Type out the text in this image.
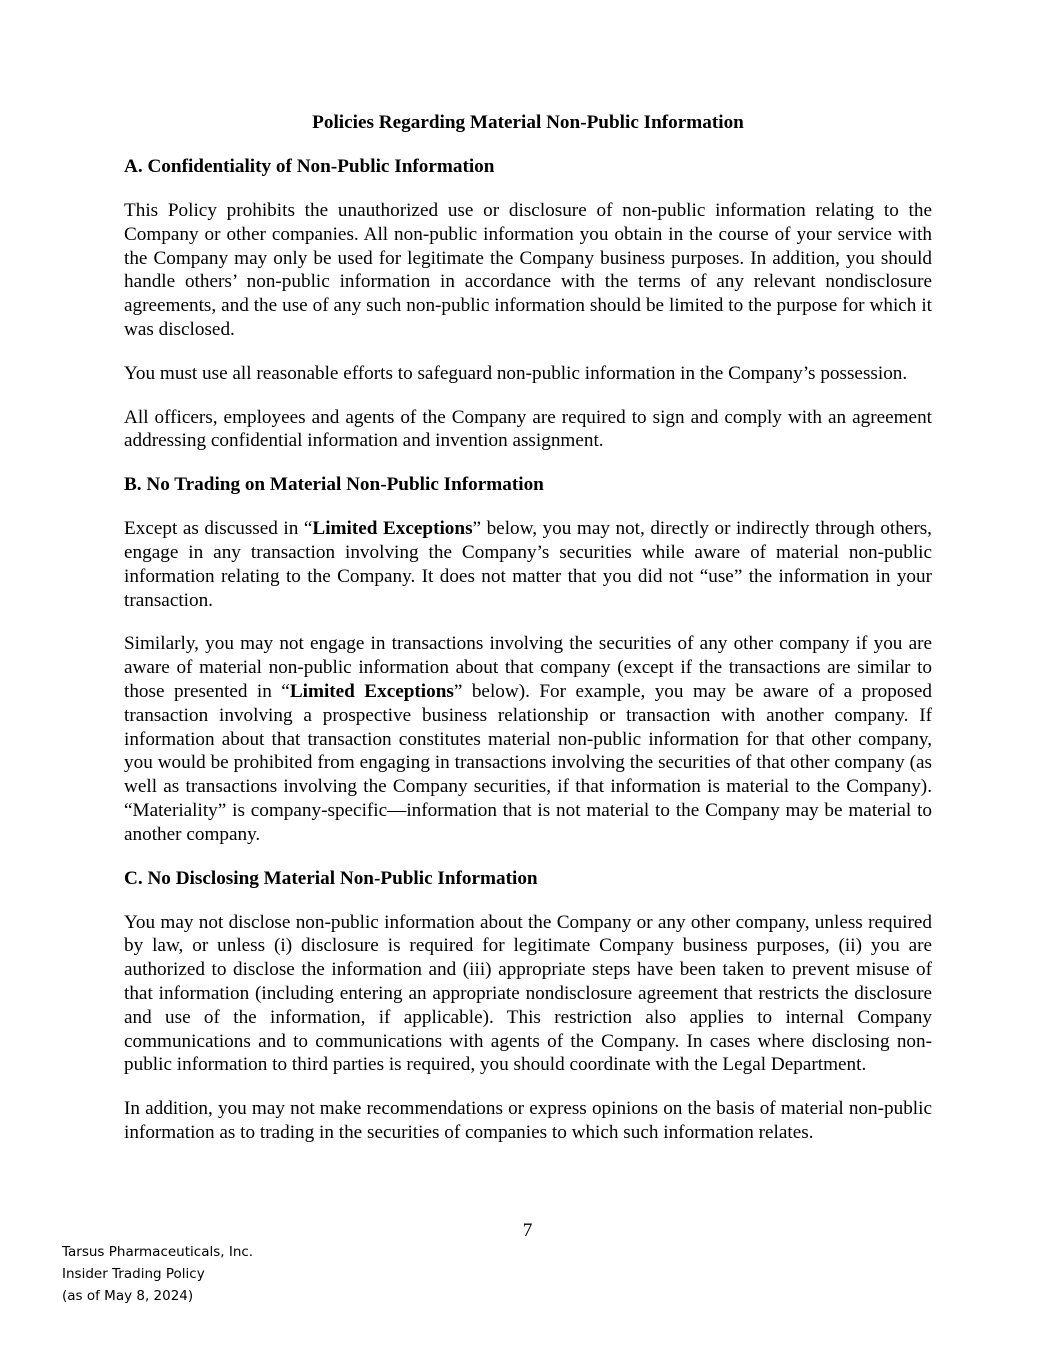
Policies Regarding Material Non-Public Information
A. Confidentiality of Non-Public Information

This Policy prohibits the unauthorized use or disclosure of non-public information relating to the Company or other companies. All non-public information you obtain in the course of your service with the Company may only be used for legitimate the Company business purposes. In addition, you should handle others’ non-public information in accordance with the terms of any relevant nondisclosure agreements, and the use of any such non-public information should be limited to the purpose for which it was disclosed.

You must use all reasonable efforts to safeguard non-public information in the Company’s possession.

All officers, employees and agents of the Company are required to sign and comply with an agreement addressing confidential information and invention assignment.

B. No Trading on Material Non-Public Information

Except as discussed in “Limited Exceptions” below, you may not, directly or indirectly through others, engage in any transaction involving the Company’s securities while aware of material non-public information relating to the Company. It does not matter that you did not “use” the information in your transaction.

Similarly, you may not engage in transactions involving the securities of any other company if you are aware of material non-public information about that company (except if the transactions are similar to those presented in “Limited Exceptions” below). For example, you may be aware of a proposed transaction involving a prospective business relationship or transaction with another company. If information about that transaction constitutes material non-public information for that other company, you would be prohibited from engaging in transactions involving the securities of that other company (as well as transactions involving the Company securities, if that information is material to the Company). “Materiality” is company-specific—information that is not material to the Company may be material to another company.

C. No Disclosing Material Non-Public Information

You may not disclose non-public information about the Company or any other company, unless required by law, or unless (i) disclosure is required for legitimate Company business purposes, (ii) you are authorized to disclose the information and (iii) appropriate steps have been taken to prevent misuse of that information (including entering an appropriate nondisclosure agreement that restricts the disclosure and use of the information, if applicable). This restriction also applies to internal Company communications and to communications with agents of the Company. In cases where disclosing non-public information to third parties is required, you should coordinate with the Legal Department.

In addition, you may not make recommendations or express opinions on the basis of material non-public information as to trading in the securities of companies to which such information relates.

7
Tarsus Pharmaceuticals, Inc.
Insider Trading Policy
(as of May 8, 2024)
